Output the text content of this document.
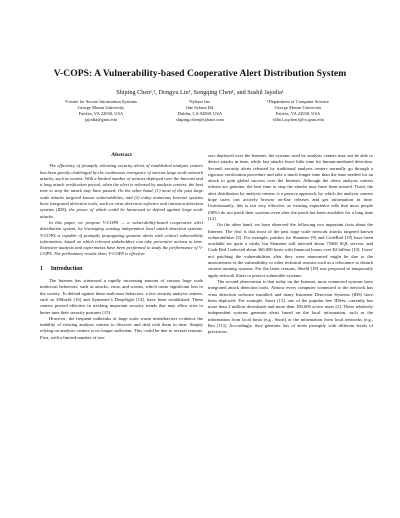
V-COPS: A Vulnerability-based Cooperative Alert Distribution System
Shiping Chen¹,², Dongyu Liu¹, Songqing Chen¹, and Sushil Jajodia¹
¹Center for Secure Information Systems
George Mason University
Fairfax, VA 22030, USA
jajodia@gmu.edu
²Sybase Inc.
One Sybase Rd.
Dublin, CA 94568, USA
shiping.chen@sybase.com
¹Department of Computer Science
George Mason University
Fairfax, VA 22030, USA
{dliu1,sqchen}@cs.gmu.edu
Abstract

The efficiency of promptly releasing security alerts of established analysis centers has been greatly challenged by the continuous emergence of various large scale network attacks, such as worms. With a limited number of sensors deployed over the Internet and a long attack verification period, when the alert is released by analysis centers, the best time to stop the attack may have passed. On the other hand, (1) most of the past large scale attacks targeted known vulnerabilities, and (2) today numerous Internet systems have integrated detection tools, such as virus detection software and intrusion detection systems (IDS), the power of which could be harnessed to defend against large scale attacks.

In this paper, we propose V-COPS — a vulnerability-based cooperative alert distribution system, by leveraging existing independent local attack detection systems. V-COPS is capable of promptly propagating genuine alerts with critical vulnerability information, based on which relevant stakeholders can take preventive actions in time. Extensive analysis and experiments have been performed to study the performance of V-COPS. The preliminary results show V-COPS is effective.

1 Introduction

The Internet has witnessed a rapidly increasing amount of various large scale malicious behaviors, such as attacks, virus, and worms, which cause significant loss to the society. To defend against these malicious behaviors, a few security analysis centers, such as DShield [16] and Symantec's DeepSight [14], have been established. These centers proved effective in tracking important security trends that may allow sites to better tune their security postures [15].

However, the frequent outbreaks of large scale worm misbehaviors evidence the inability of existing analysis centers to discover and deal with them in time. Simply relying on analysis centers is no longer sufficient. This could be due to several reasons. First, with a limited number of sen-

sors deployed over the Internet, the systems used by analysis centers may not be able to detect attacks in time, while fast attacks leave little time for human-mediated detection. Second, security alerts released by traditional analysis centers normally go through a rigorous verification procedure and take a much longer time than the time needed for an attack to gain global success over the Internet. Although the alerts analysis centers release are genuine, the best time to stop the attacks may have been missed. Third, the alert distribution by analysis centers is a passive approach, by which the analysis centers hope users can actively browse on-line releases and get information in time. Unfortunately, this is not very effective, as existing experience tells that most people (90%) do not patch their systems even after the patch has been available for a long time [12].

On the other hand, we have observed the following two important facts about the Internet. The first is that most of the past large scale network attacks targeted known vulnerabilities [5]. For example, patches for Slammer [9] and CodeRed [10] have been available for quite a while, but Slammer still infected about 75000 SQL servers, and Code Red I infected about 360,000 hosts with financial losses over $2 billion [10]. Users' not patching the vulnerabilities after they were announced might be due to the unawareness of the vulnerability or other technical reasons such as a reluctance to disturb current running systems. For the latter reasons, Shield [18] was proposed to temporarily apply network filters to protect vulnerable systems.

The second observation is that today on the Internet, most connected systems have integrated attack detection tools. Almost every computer connected to the network has virus detection software installed, and many Intrusion Detection Systems (IDS) have been deployed. For example, Snort [13], one of the popular free IDSes, currently has more than 2 million downloads and more than 100,000 active users [2]. These relatively independent systems generate alerts based on the local information, such as the information from local hosts (e.g., Snort) or the information from local networks (e.g., Bro [11]). Accordingly, they generate lots of alerts promptly with different levels of precisions,
